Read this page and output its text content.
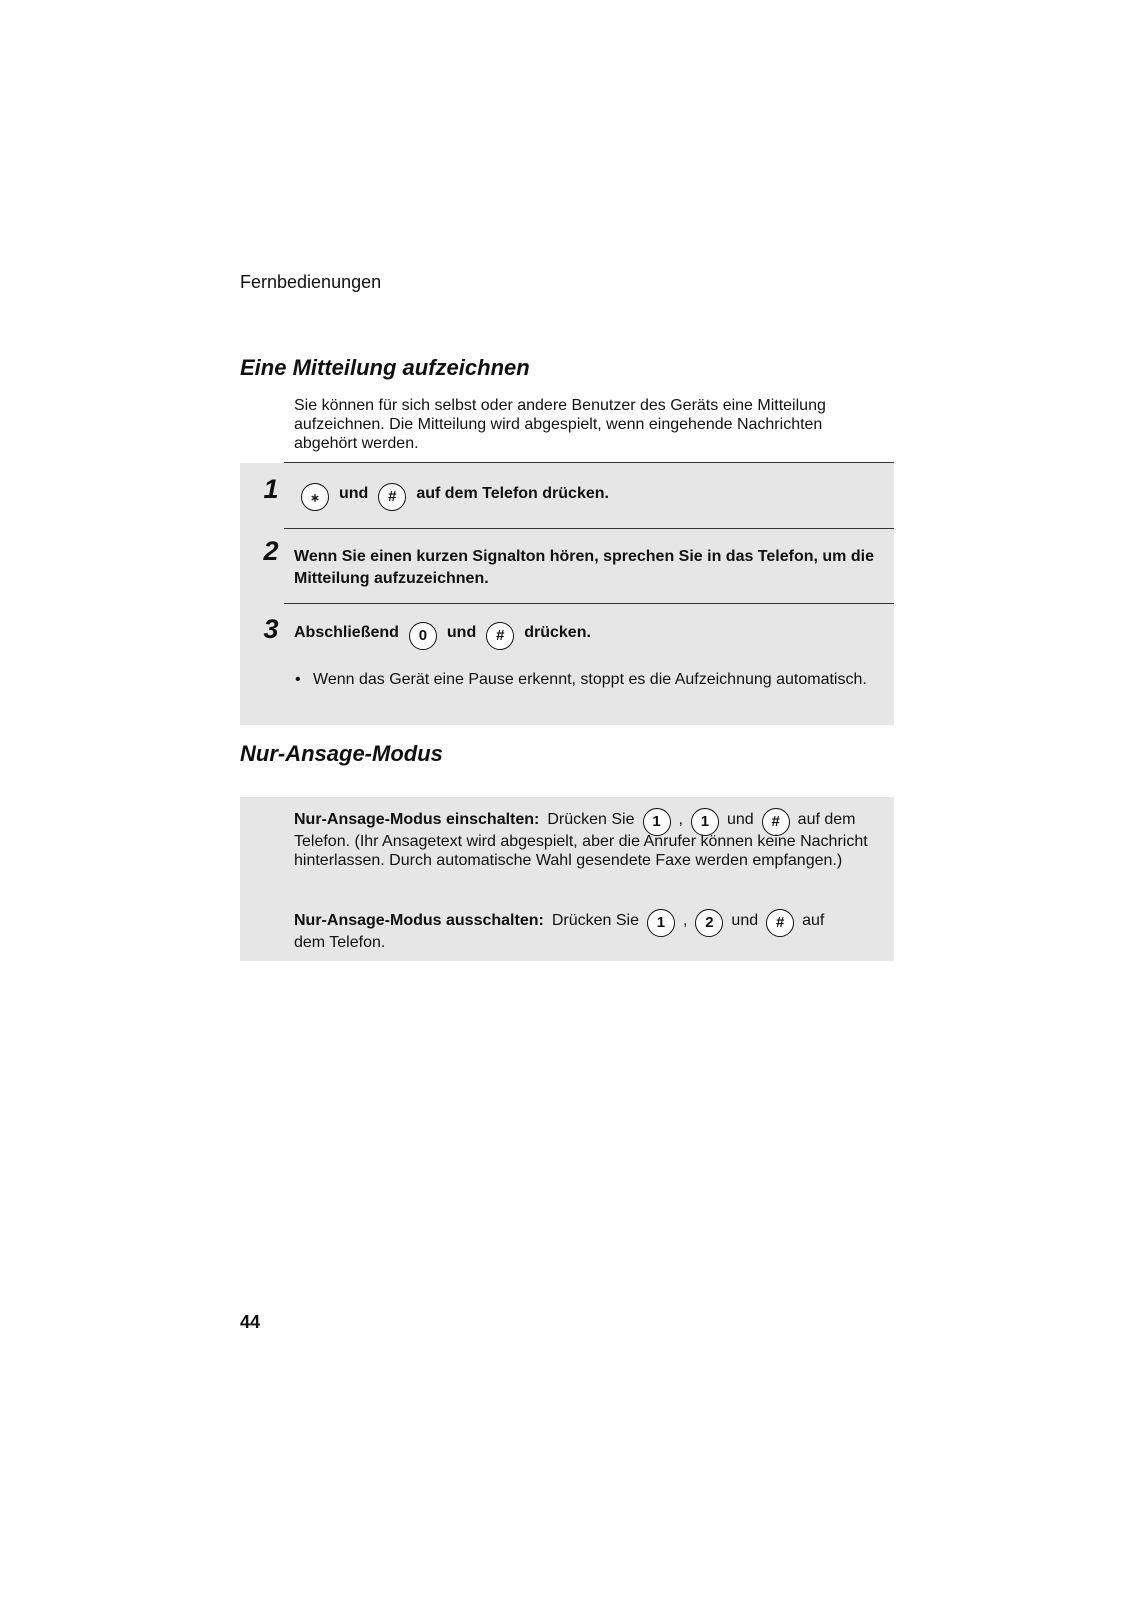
Fernbedienungen
Eine Mitteilung aufzeichnen
Sie können für sich selbst oder andere Benutzer des Geräts eine Mitteilung aufzeichnen. Die Mitteilung wird abgespielt, wenn eingehende Nachrichten abgehört werden.
1	⁎	und	#	auf dem Telefon drücken.
2 Wenn Sie einen kurzen Signalton hören, sprechen Sie in das Telefon, um die Mitteilung aufzuzeichnen.
3 Abschließend	0	und	#	drücken.
• Wenn das Gerät eine Pause erkennt, stoppt es die Aufzeichnung automatisch.
Nur-Ansage-Modus
Nur-Ansage-Modus einschalten: Drücken Sie	1	,	1	und	#	auf dem
Telefon. (Ihr Ansagetext wird abgespielt, aber die Anrufer können keine Nachricht hinterlassen. Durch automatische Wahl gesendete Faxe werden empfangen.)
Nur-Ansage-Modus ausschalten: Drücken Sie	1	,	2	und	#	auf
dem Telefon.
44
